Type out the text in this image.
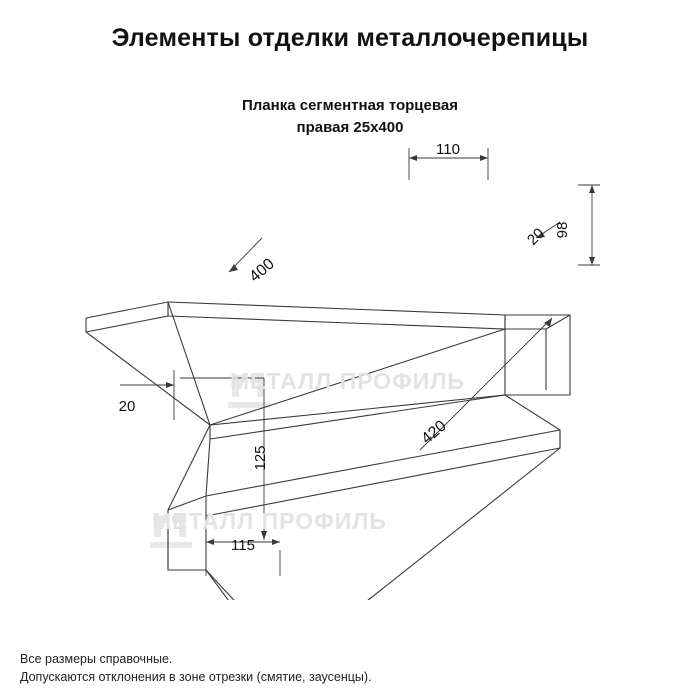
Элементы отделки металлочерепицы
Планка сегментная торцевая
правая 25х400
МЕТАЛЛ ПРОФИЛЬ
МЕТАЛЛ ПРОФИЛЬ
110
98
20
400
20
125
115
420
Все размеры справочные.
Допускаются отклонения в зоне отрезки (смятие, заусенцы).
